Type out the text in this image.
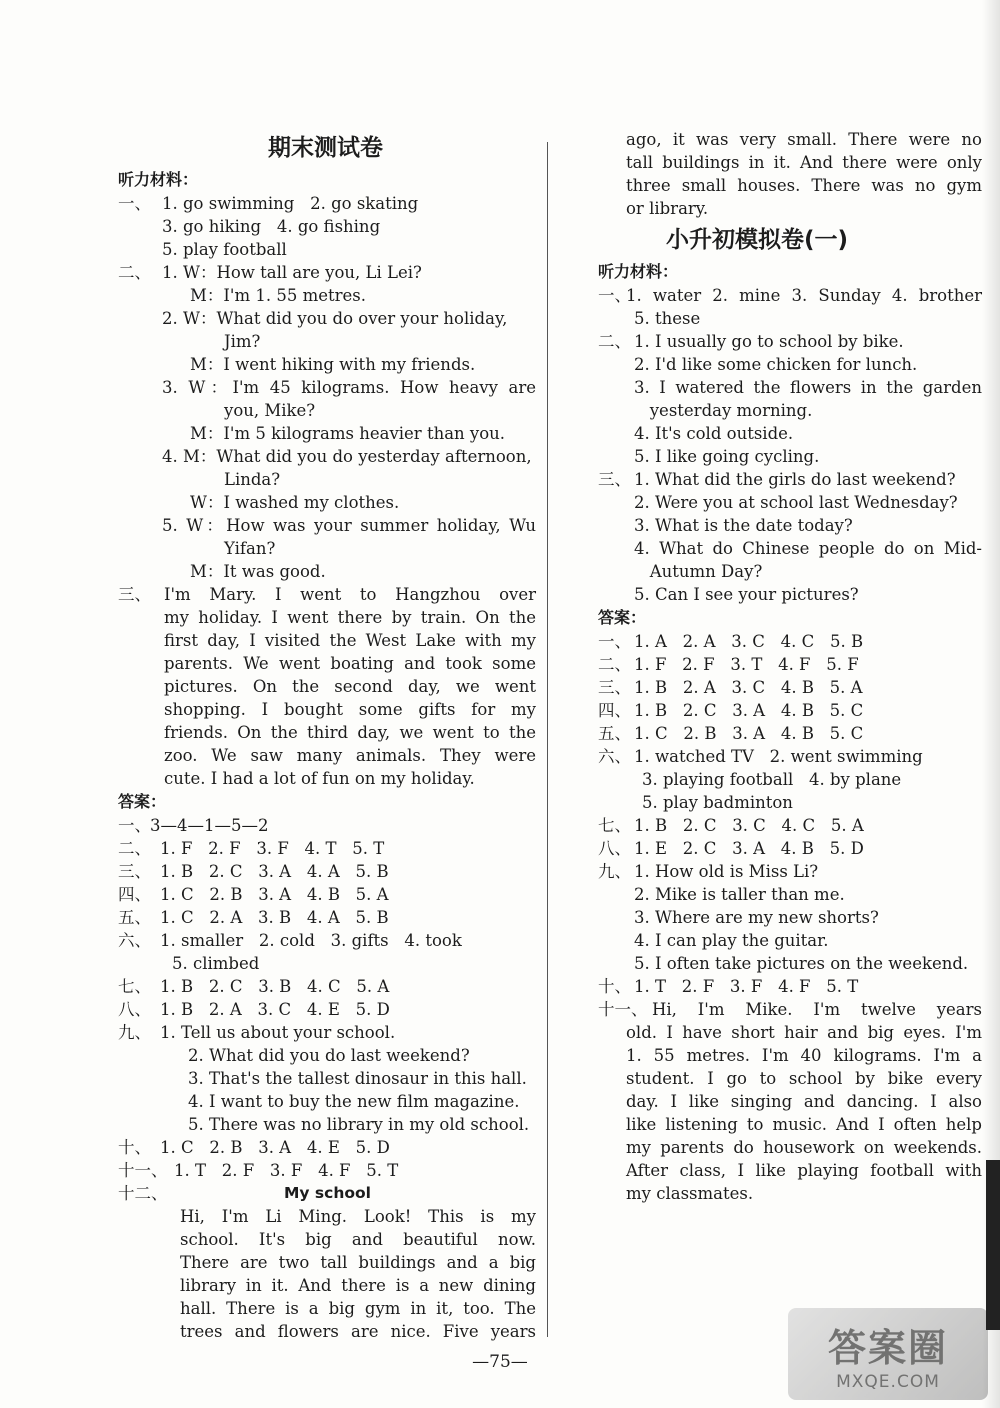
期末测试卷
听力材料：
一、 1. go swimming   2. go skating
3. go hiking   4. go fishing
5. play football
二、 1. W：How tall are you, Li Lei?
M：I'm 1. 55 metres.
2. W：What did you do over your holiday,
Jim?
M：I went hiking with my friends.
3. W：I'm 45 kilograms. How heavy are
you, Mike?
M：I'm 5 kilograms heavier than you.
4. M：What did you do yesterday afternoon,
Linda?
W：I washed my clothes.
5. W：How was your summer holiday, Wu
Yifan?
M：It was good.
三、 I'm Mary. I went to Hangzhou over
my holiday. I went there by train. On the
first day, I visited the West Lake with my
parents. We went boating and took some
pictures. On the second day, we went
shopping. I bought some gifts for my
friends. On the third day, we went to the
zoo. We saw many animals. They were
cute. I had a lot of fun on my holiday.
答案：
一、 3—4—1—5—2
二、 1. F   2. F   3. F   4. T   5. T
三、 1. B   2. C   3. A   4. A   5. B
四、 1. C   2. B   3. A   4. B   5. A
五、 1. C   2. A   3. B   4. A   5. B
六、 1. smaller   2. cold   3. gifts   4. took
5. climbed
七、 1. B   2. C   3. B   4. C   5. A
八、 1. B   2. A   3. C   4. E   5. D
九、 1. Tell us about your school.
2. What did you do last weekend?
3. That's the tallest dinosaur in this hall.
4. I want to buy the new film magazine.
5. There was no library in my old school.
十、 1. C   2. B   3. A   4. E   5. D
十一、 1. T   2. F   3. F   4. F   5. T
十二、	My school
Hi, I'm Li Ming. Look! This is my
school. It's big and beautiful now.
There are two tall buildings and a big
library in it. And there is a new dining
hall. There is a big gym in it, too. The
trees and flowers are nice. Five years
ago, it was very small. There were no
tall buildings in it. And there were only
three small houses. There was no gym
or library.
小升初模拟卷(一)
听力材料：
一、
1. water 2. mine 3. Sunday 4. brother
5. these
二、 1. I usually go to school by bike.
2. I'd like some chicken for lunch.
3. I watered the flowers in the garden
yesterday morning.
4. It's cold outside.
5. I like going cycling.
三、 1. What did the girls do last weekend?
2. Were you at school last Wednesday?
3. What is the date today?
4. What do Chinese people do on Mid-
Autumn Day?
5. Can I see your pictures?
答案：
一、 1. A   2. A   3. C   4. C   5. B
二、 1. F   2. F   3. T   4. F   5. F
三、 1. B   2. A   3. C   4. B   5. A
四、 1. B   2. C   3. A   4. B   5. C
五、 1. C   2. B   3. A   4. B   5. C
六、 1. watched TV   2. went swimming
3. playing football   4. by plane
5. play badminton
七、 1. B   2. C   3. C   4. C   5. A
八、 1. E   2. C   3. A   4. B   5. D
九、 1. How old is Miss Li?
2. Mike is taller than me.
3. Where are my new shorts?
4. I can play the guitar.
5. I often take pictures on the weekend.
十、 1. T   2. F   3. F   4. F   5. T
十一、 Hi, I'm Mike. I'm twelve years
old. I have short hair and big eyes. I'm
1. 55 metres. I'm 40 kilograms. I'm a
student. I go to school by bike every
day. I like singing and dancing. I also
like listening to music. And I often help
my parents do housework on weekends.
After class, I like playing football with
my classmates.
—75—	答案圈
MXQE.COM
